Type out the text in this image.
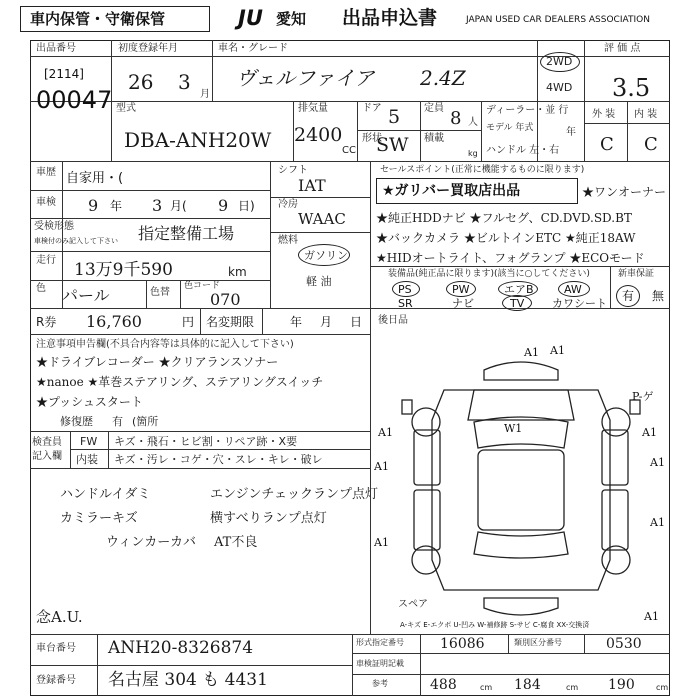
車内保管・守衛保管	JU 愛知 出品申込書	JAPAN USED CAR DEALERS ASSOCIATION
出品番号
[2114]
00047
初度登録年月
26 3
月
車名・グレード
ヴェルファイア 2.4Z
2WD
4WD
評 価 点
3.5
型式
DBA-ANH20W
排気量
2400
CC
ドア 5
形状
SW
定員 8 人
積載
kg
ディーラー・並 行
モデル 年式	年
ハンドル 左・右
外 装 内 装
C C
車歴 自家用・(
車検 9 年 3 月( 9 日)
受検形態
車検付のみ記入して下さい 指定整備工場
走行 13万9千590	km
色 パール	色替
色コード
070
シフト
IAT
冷房
WAAC
燃料
ガソリン
軽 油
セールスポイント(正常に機能するものに限ります)
★ガリバー買取店出品	★ワンオーナー
★純正HDDナビ ★フルセグ、CD.DVD.SD.BT
★バックカメラ ★ビルトインETC ★純正18AW
★HIDオートライト、フォグランプ ★ECOモード
装備品(純正品に限ります)(該当に○してください)	新車保証
PS	PW	エアB	AW
SR	ナビ	TV	カワシート
有 無
R券 16,760	円 名変期限	年 月 日 後日品
注意事項申告欄(不具合内容等は具体的に記入して下さい)
★ドライブレコーダー ★クリアランスソナー
★nanoe ★革巻ステアリング、ステアリングスイッチ
★プッシュスタート
修復歴 有 (箇所
検査員 記入欄
FW キズ・飛石・ヒビ割・リペア跡・X要
内装 キズ・汚レ・コゲ・穴・スレ・キレ・破レ
ハンドルイダミ	エンジンチェックランプ点灯
カミラーキズ	横すべりランプ点灯
ウィンカーカバ AT不良
念A.U.
A1
W1
A1	A1
A1
A1
A1	A1
A1
P-ゲ
A1
スペア
A-キズ E-エクボ U-凹み W-補修跡 S-サビ C-腐食 XX-交換済
車台番号 ANH20-8326874
登録番号 名古屋 304 も 4431
形式指定番号	16086	類別区分番号	0530
車検証明記載
参考	488	cm 184	cm 190	cm
